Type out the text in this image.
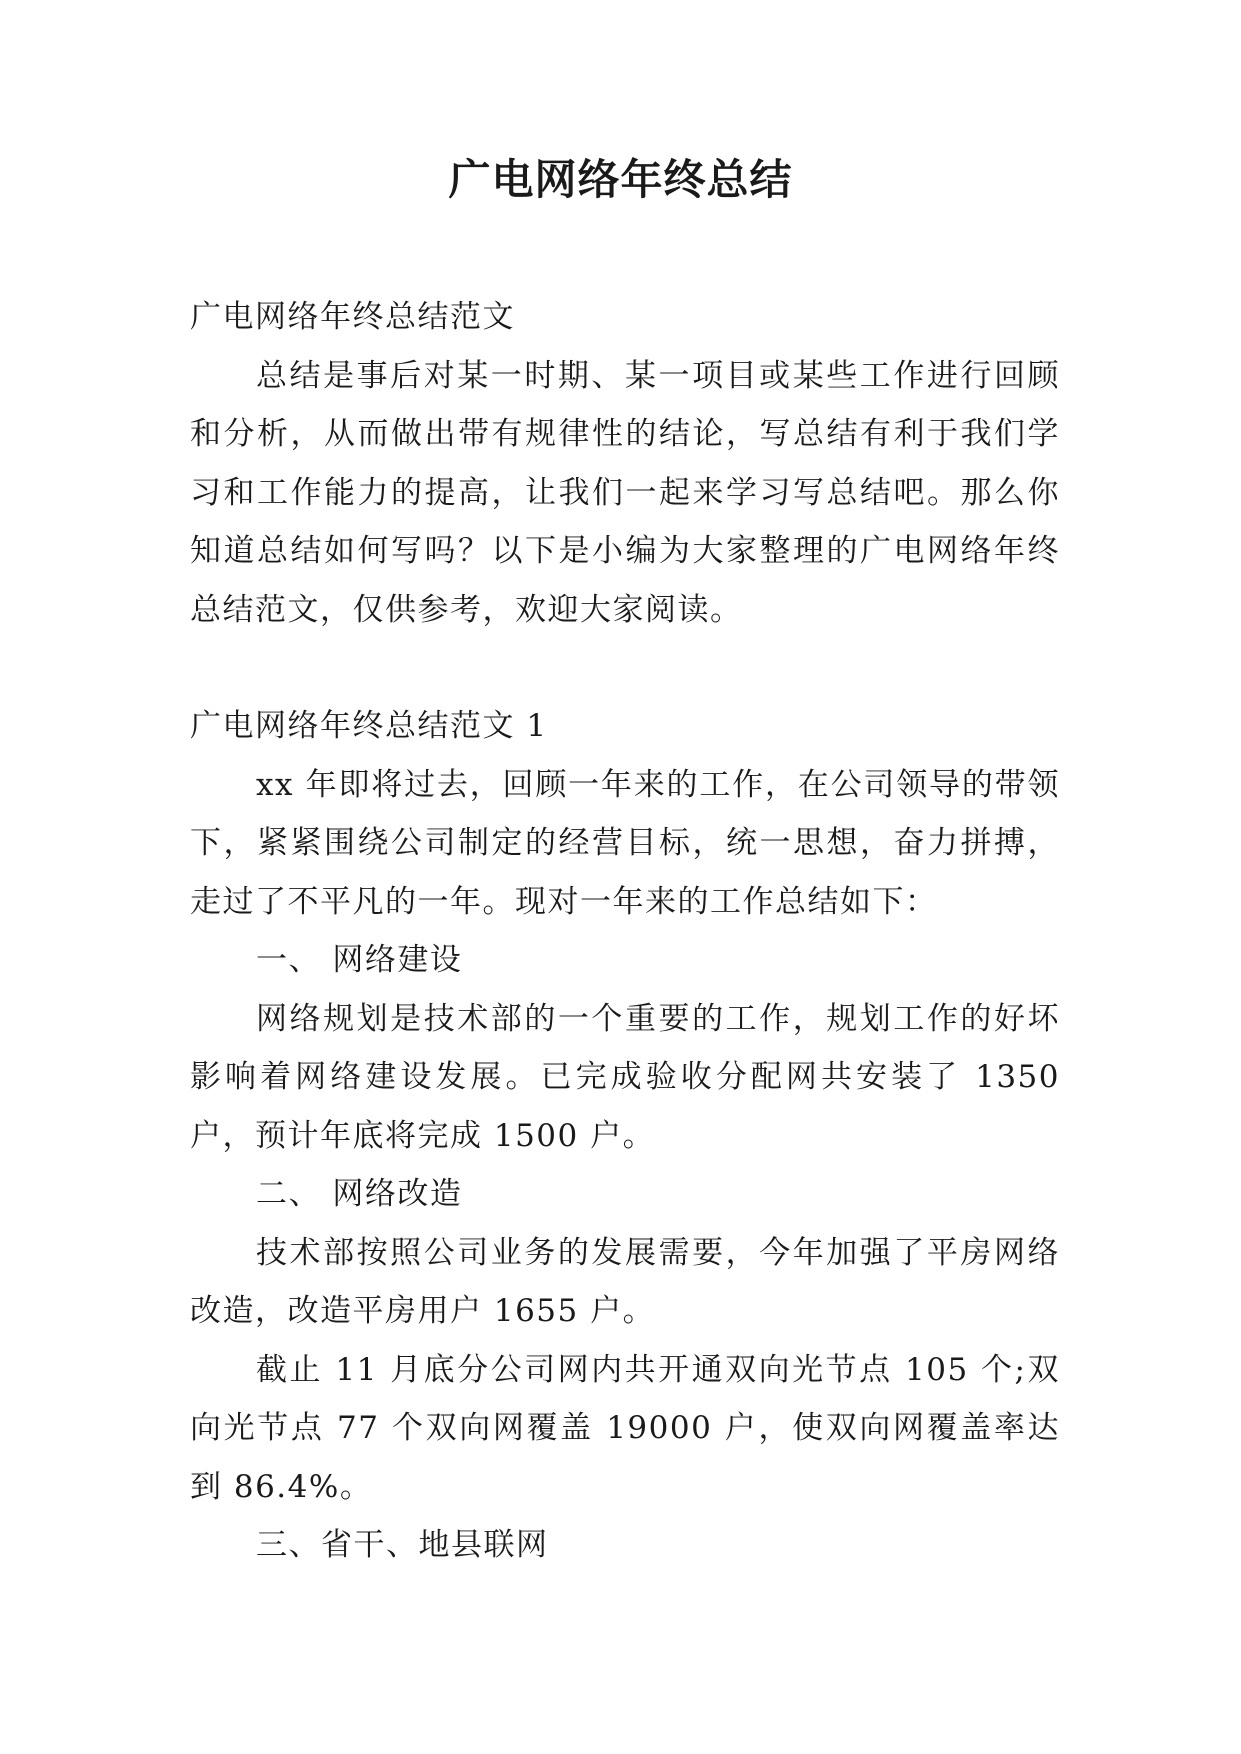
广电网络年终总结

广电网络年终总结范文

总结是事后对某一时期、某一项目或某些工作进行回顾和分析，从而做出带有规律性的结论，写总结有利于我们学习和工作能力的提高，让我们一起来学习写总结吧。那么你知道总结如何写吗？以下是小编为大家整理的广电网络年终总结范文，仅供参考，欢迎大家阅读。

广电网络年终总结范文 1

xx 年即将过去，回顾一年来的工作，在公司领导的带领下，紧紧围绕公司制定的经营目标，统一思想，奋力拼搏，走过了不平凡的一年。现对一年来的工作总结如下：

一、 网络建设

网络规划是技术部的一个重要的工作，规划工作的好坏影响着网络建设发展。已完成验收分配网共安装了 1350 户，预计年底将完成 1500 户。

二、 网络改造

技术部按照公司业务的发展需要，今年加强了平房网络改造，改造平房用户 1655 户。

截止 11 月底分公司网内共开通双向光节点 105 个;双向光节点 77 个双向网覆盖 19000 户，使双向网覆盖率达到 86.4%。

三、省干、地县联网
